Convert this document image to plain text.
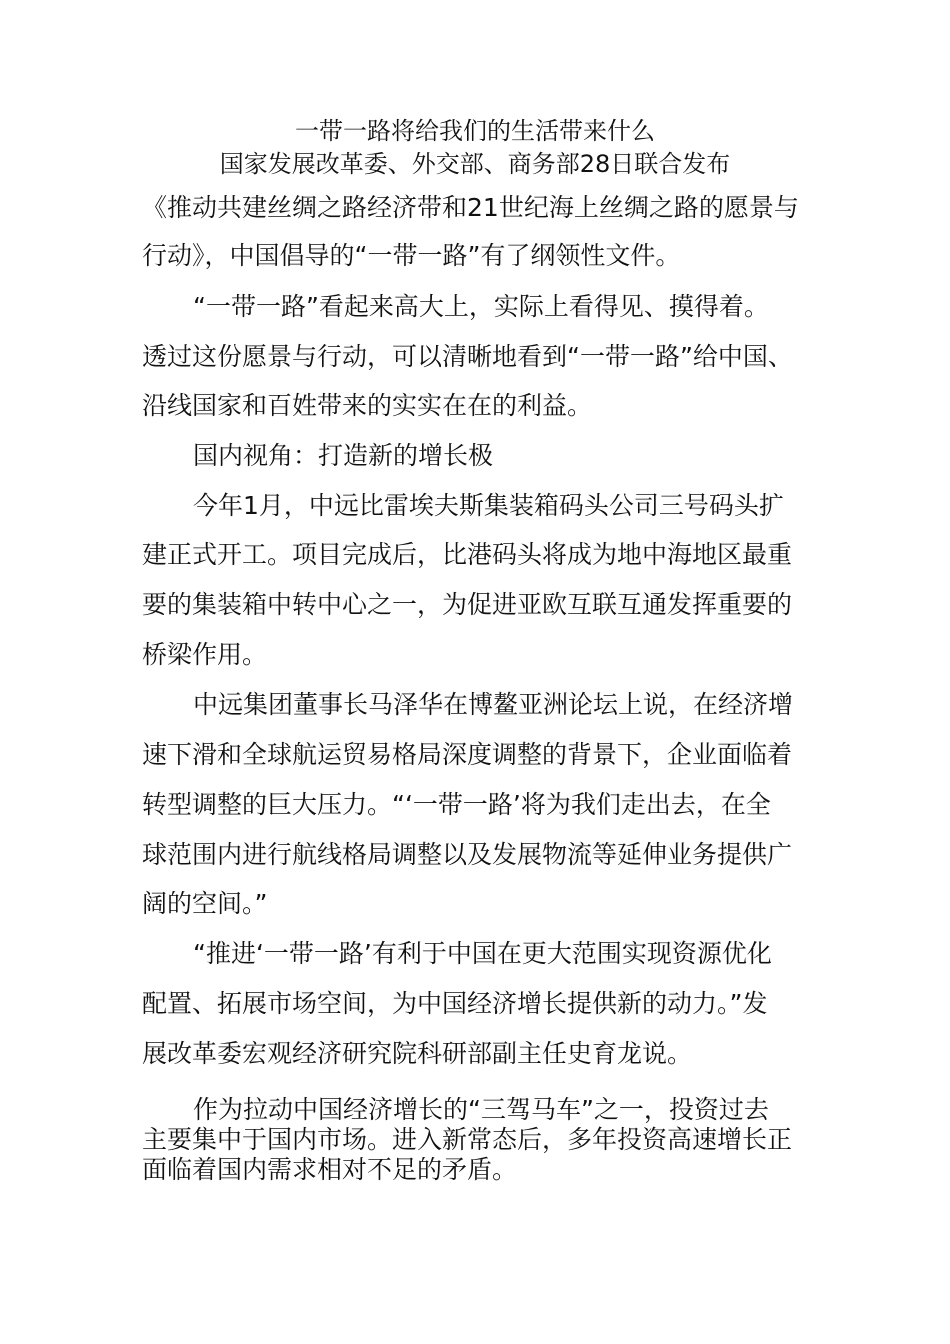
一带一路将给我们的生活带来什么
国家发展改革委、外交部、商务部28日联合发布
《推动共建丝绸之路经济带和21世纪海上丝绸之路的愿景与
行动》，中国倡导的“一带一路”有了纲领性文件。
“一带一路”看起来高大上，实际上看得见、摸得着。
透过这份愿景与行动，可以清晰地看到“一带一路”给中国、
沿线国家和百姓带来的实实在在的利益。
国内视角：打造新的增长极
今年1月，中远比雷埃夫斯集装箱码头公司三号码头扩
建正式开工。项目完成后，比港码头将成为地中海地区最重
要的集装箱中转中心之一，为促进亚欧互联互通发挥重要的
桥梁作用。
中远集团董事长马泽华在博鳌亚洲论坛上说，在经济增
速下滑和全球航运贸易格局深度调整的背景下，企业面临着
转型调整的巨大压力。“‘一带一路’将为我们走出去，在全
球范围内进行航线格局调整以及发展物流等延伸业务提供广
阔的空间。”
“推进‘一带一路’有利于中国在更大范围实现资源优化
配置、拓展市场空间，为中国经济增长提供新的动力。”发
展改革委宏观经济研究院科研部副主任史育龙说。
作为拉动中国经济增长的“三驾马车”之一，投资过去
主要集中于国内市场。进入新常态后，多年投资高速增长正
面临着国内需求相对不足的矛盾。
